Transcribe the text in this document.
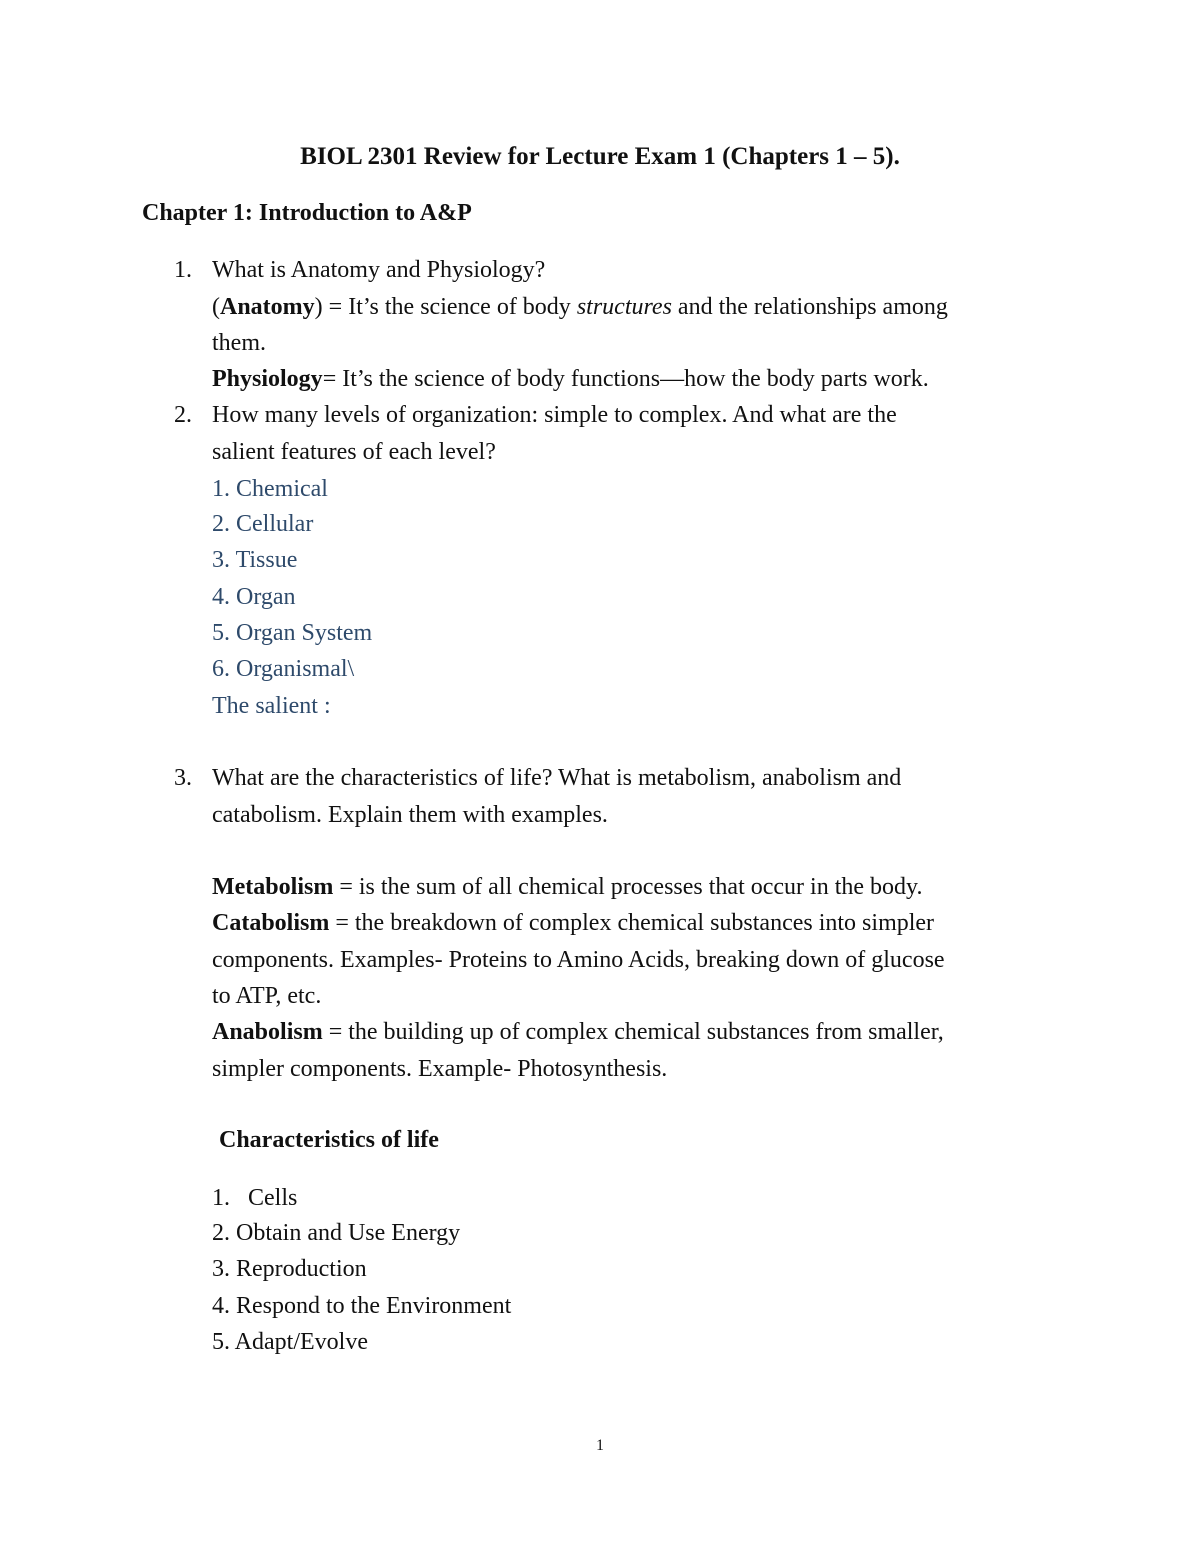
BIOL 2301 Review for Lecture Exam 1 (Chapters 1 – 5).
Chapter 1: Introduction to A&P
1. What is Anatomy and Physiology?
(Anatomy) = It’s the science of body structures and the relationships among
them.
Physiology= It’s the science of body functions—how the body parts work.
2. How many levels of organization: simple to complex. And what are the
salient features of each level?
1. Chemical
2. Cellular
3. Tissue
4. Organ
5. Organ System
6. Organismal\
The salient :
3. What are the characteristics of life? What is metabolism, anabolism and
catabolism. Explain them with examples.
Metabolism = is the sum of all chemical processes that occur in the body.
Catabolism = the breakdown of complex chemical substances into simpler
components. Examples- Proteins to Amino Acids, breaking down of glucose
to ATP, etc.
Anabolism = the building up of complex chemical substances from smaller,
simpler components. Example- Photosynthesis.
Characteristics of life
1.   Cells
2. Obtain and Use Energy
3. Reproduction
4. Respond to the Environment
5. Adapt/Evolve
1
